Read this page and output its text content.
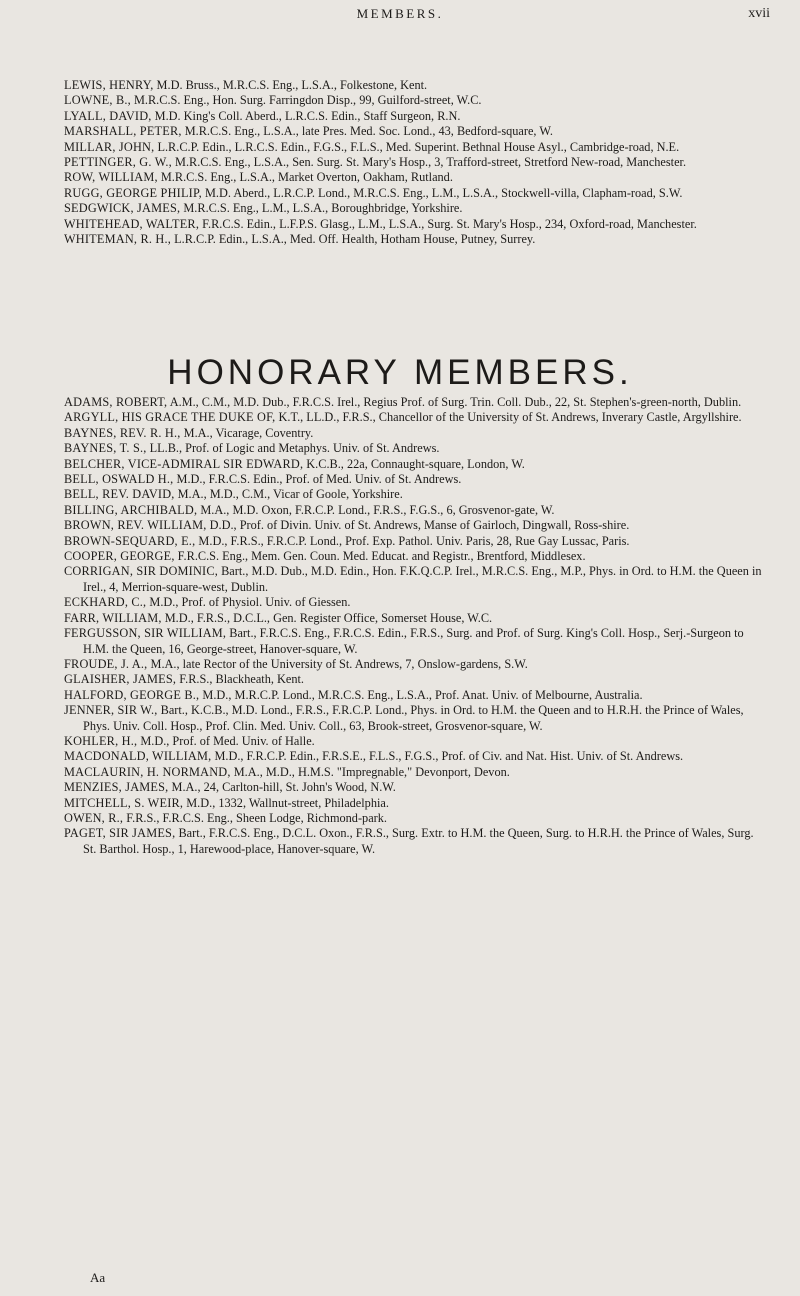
MEMBERS.	xvii

LEWIS, HENRY, M.D. Bruss., M.R.C.S. Eng., L.S.A., Folkestone, Kent.

LOWNE, B., M.R.C.S. Eng., Hon. Surg. Farringdon Disp., 99, Guilford-street, W.C.

LYALL, DAVID, M.D. King's Coll. Aberd., L.R.C.S. Edin., Staff Surgeon, R.N.

MARSHALL, PETER, M.R.C.S. Eng., L.S.A., late Pres. Med. Soc. Lond., 43, Bedford-square, W.

MILLAR, JOHN, L.R.C.P. Edin., L.R.C.S. Edin., F.G.S., F.L.S., Med. Superint. Bethnal House Asyl., Cambridge-road, N.E.

PETTINGER, G. W., M.R.C.S. Eng., L.S.A., Sen. Surg. St. Mary's Hosp., 3, Trafford-street, Stretford New-road, Manchester.

ROW, WILLIAM, M.R.C.S. Eng., L.S.A., Market Overton, Oakham, Rutland.

RUGG, GEORGE PHILIP, M.D. Aberd., L.R.C.P. Lond., M.R.C.S. Eng., L.M., L.S.A., Stockwell-villa, Clapham-road, S.W.

SEDGWICK, JAMES, M.R.C.S. Eng., L.M., L.S.A., Boroughbridge, Yorkshire.

WHITEHEAD, WALTER, F.R.C.S. Edin., L.F.P.S. Glasg., L.M., L.S.A., Surg. St. Mary's Hosp., 234, Oxford-road, Manchester.

WHITEMAN, R. H., L.R.C.P. Edin., L.S.A., Med. Off. Health, Hotham House, Putney, Surrey.

HONORARY MEMBERS.

ADAMS, ROBERT, A.M., C.M., M.D. Dub., F.R.C.S. Irel., Regius Prof. of Surg. Trin. Coll. Dub., 22, St. Stephen's-green-north, Dublin.

ARGYLL, HIS GRACE THE DUKE OF, K.T., LL.D., F.R.S., Chancellor of the University of St. Andrews, Inverary Castle, Argyllshire.

BAYNES, REV. R. H., M.A., Vicarage, Coventry.

BAYNES, T. S., LL.B., Prof. of Logic and Metaphys. Univ. of St. Andrews.

BELCHER, VICE-ADMIRAL SIR EDWARD, K.C.B., 22a, Connaught-square, London, W.

BELL, OSWALD H., M.D., F.R.C.S. Edin., Prof. of Med. Univ. of St. Andrews.

BELL, REV. DAVID, M.A., M.D., C.M., Vicar of Goole, Yorkshire.

BILLING, ARCHIBALD, M.A., M.D. Oxon, F.R.C.P. Lond., F.R.S., F.G.S., 6, Grosvenor-gate, W.

BROWN, REV. WILLIAM, D.D., Prof. of Divin. Univ. of St. Andrews, Manse of Gairloch, Dingwall, Ross-shire.

BROWN-SEQUARD, E., M.D., F.R.S., F.R.C.P. Lond., Prof. Exp. Pathol. Univ. Paris, 28, Rue Gay Lussac, Paris.

COOPER, GEORGE, F.R.C.S. Eng., Mem. Gen. Coun. Med. Educat. and Registr., Brentford, Middlesex.

CORRIGAN, SIR DOMINIC, Bart., M.D. Dub., M.D. Edin., Hon. F.K.Q.C.P. Irel., M.R.C.S. Eng., M.P., Phys. in Ord. to H.M. the Queen in Irel., 4, Merrion-square-west, Dublin.

ECKHARD, C., M.D., Prof. of Physiol. Univ. of Giessen.

FARR, WILLIAM, M.D., F.R.S., D.C.L., Gen. Register Office, Somerset House, W.C.

FERGUSSON, SIR WILLIAM, Bart., F.R.C.S. Eng., F.R.C.S. Edin., F.R.S., Surg. and Prof. of Surg. King's Coll. Hosp., Serj.-Surgeon to H.M. the Queen, 16, George-street, Hanover-square, W.

FROUDE, J. A., M.A., late Rector of the University of St. Andrews, 7, Onslow-gardens, S.W.

GLAISHER, JAMES, F.R.S., Blackheath, Kent.

HALFORD, GEORGE B., M.D., M.R.C.P. Lond., M.R.C.S. Eng., L.S.A., Prof. Anat. Univ. of Melbourne, Australia.

JENNER, SIR W., Bart., K.C.B., M.D. Lond., F.R.S., F.R.C.P. Lond., Phys. in Ord. to H.M. the Queen and to H.R.H. the Prince of Wales, Phys. Univ. Coll. Hosp., Prof. Clin. Med. Univ. Coll., 63, Brook-street, Grosvenor-square, W.

KOHLER, H., M.D., Prof. of Med. Univ. of Halle.

MACDONALD, WILLIAM, M.D., F.R.C.P. Edin., F.R.S.E., F.L.S., F.G.S., Prof. of Civ. and Nat. Hist. Univ. of St. Andrews.

MACLAURIN, H. NORMAND, M.A., M.D., H.M.S. "Impregnable," Devonport, Devon.

MENZIES, JAMES, M.A., 24, Carlton-hill, St. John's Wood, N.W.

MITCHELL, S. WEIR, M.D., 1332, Wallnut-street, Philadelphia.

OWEN, R., F.R.S., F.R.C.S. Eng., Sheen Lodge, Richmond-park.

PAGET, SIR JAMES, Bart., F.R.C.S. Eng., D.C.L. Oxon., F.R.S., Surg. Extr. to H.M. the Queen, Surg. to H.R.H. the Prince of Wales, Surg. St. Barthol. Hosp., 1, Harewood-place, Hanover-square, W.

Aa
